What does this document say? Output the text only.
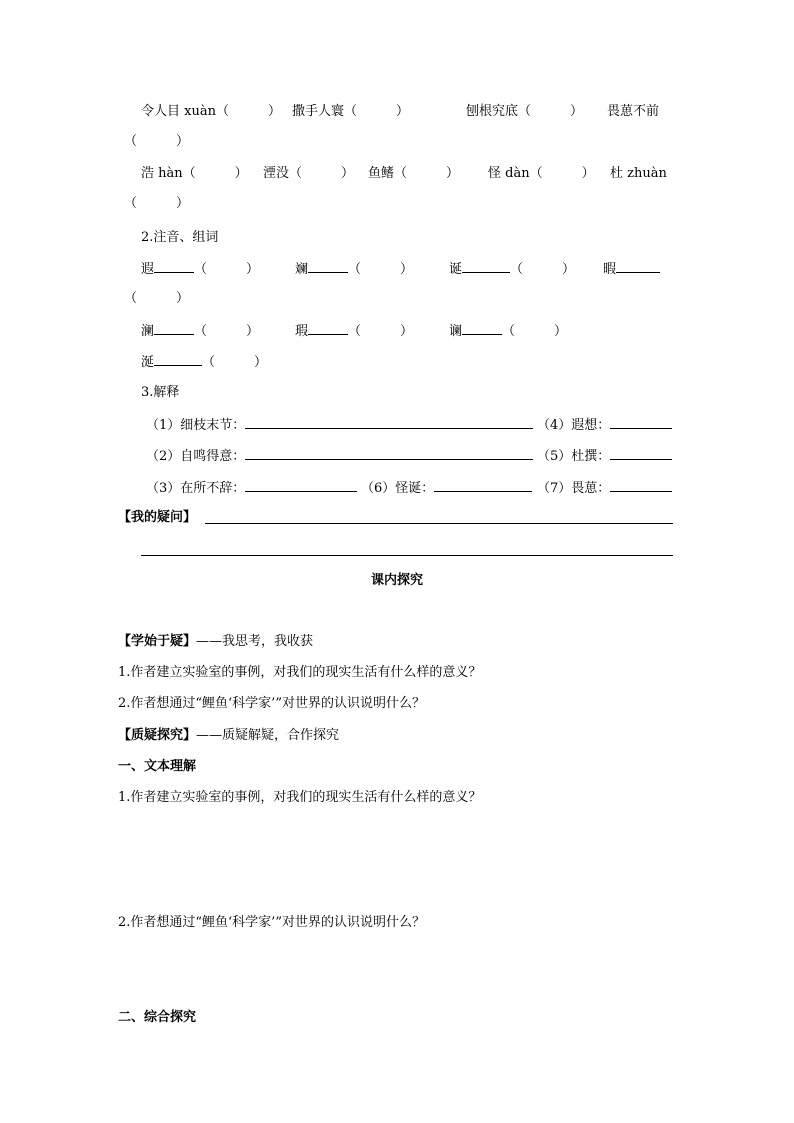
令人目 xuàn（　　　） 撒手人寰（　　　）	刨根究底（　　　） 畏葸不前
（　　　）
浩 hàn（　　　） 湮没（　　　） 鱼鳍（　　　） 怪 dàn（　　　） 杜 zhuàn
（　　　）
2.注音、组词
遐	（　　　）	斓	（　　　）	诞	（　　　） 暇
（　　　）
澜	（　　　）	瑕	（　　　）	谰	（　　　）
涎	（　　　）
3.解释
（1）细枝末节：	（4）遐想：
（2）自鸣得意：	（5）杜撰：
（3）在所不辞：	（6）怪诞：	（7）畏葸：
【我的疑问】
课内探究
【学始于疑】——我思考，我收获
1.作者建立实验室的事例，对我们的现实生活有什么样的意义？
2.作者想通过“鲤鱼‘科学家’”对世界的认识说明什么？
【质疑探究】——质疑解疑，合作探究
一、文本理解
1.作者建立实验室的事例，对我们的现实生活有什么样的意义？
2.作者想通过“鲤鱼‘科学家’”对世界的认识说明什么？
二、综合探究
